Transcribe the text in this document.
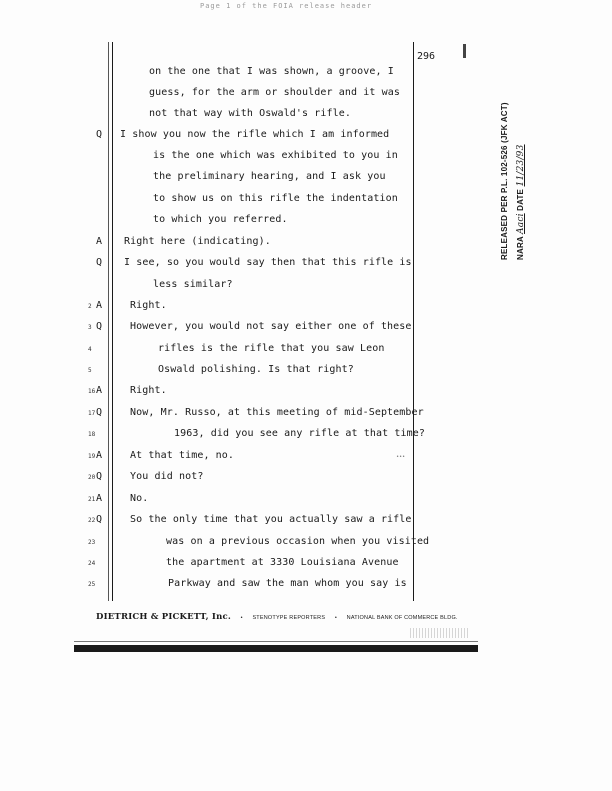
Page 1 of the FOIA release header
296
on the one that I was shown, a groove, I
guess, for the arm or shoulder and it was
not that way with Oswald's rifle.
Q I show you now the rifle which I am informed
is the one which was exhibited to you in
the preliminary hearing, and I ask you
to show us on this rifle the indentation
to which you referred.
A Right here (indicating).
Q I see, so you would say then that this rifle is
less similar?
2 A	Right.
3 Q	However, you would not say either one of these
4	rifles is the rifle that you saw Leon
5	Oswald polishing. Is that right?
16 A	Right.
17 Q	Now, Mr. Russo, at this meeting of mid-September
18	1963, did you see any rifle at that time?
19 A	At that time, no.
20 Q	You did not?
21 A	No.
22 Q	So the only time that you actually saw a rifle
23	was on a previous occasion when you visited
24	the apartment at 3330 Louisiana Avenue
25	Parkway and saw the man whom you say is
∙∙∙
DIETRICH & PICKETT, Inc. • STENOTYPE REPORTERS • NATIONAL BANK OF COMMERCE BLDG.
RELEASED PER P.L. 102-526 (JFK ACT) NARA Aaci DATE 11/23/93
